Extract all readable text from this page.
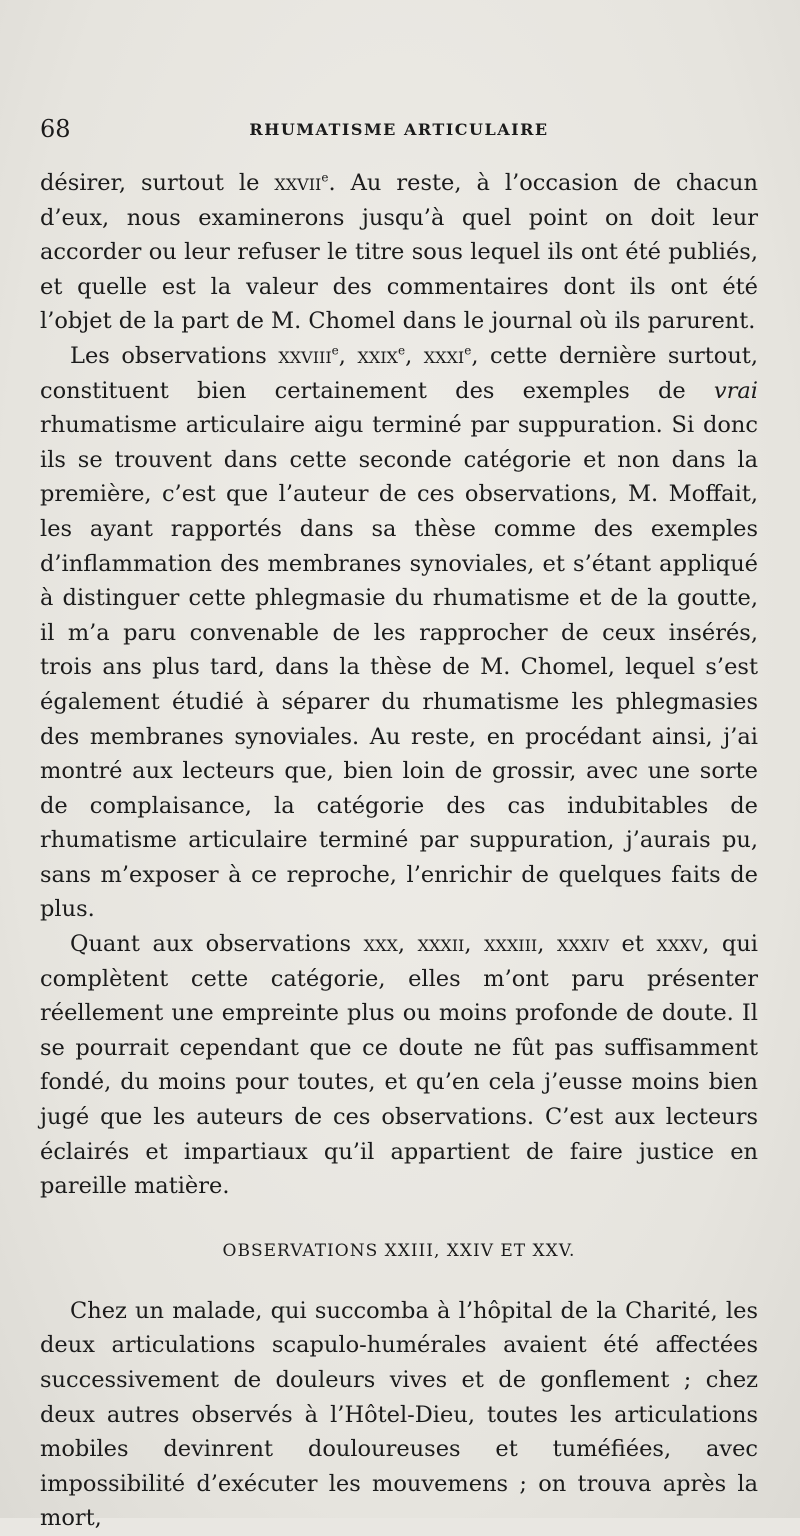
68	RHUMATISME ARTICULAIRE

désirer, surtout le xxvii$^e$. Au reste, à l’occasion de chacun d’eux, nous examinerons jusqu’à quel point on doit leur accorder ou leur refuser le titre sous lequel ils ont été publiés, et quelle est la valeur des commentaires dont ils ont été l’objet de la part de M. Chomel dans le journal où ils parurent.

Les observations xxviii$^e$, xxix$^e$, xxxi$^e$, cette dernière surtout, constituent bien certainement des exemples de vrai rhumatisme articulaire aigu terminé par suppuration. Si donc ils se trouvent dans cette seconde catégorie et non dans la première, c’est que l’auteur de ces observations, M. Moffait, les ayant rapportés dans sa thèse comme des exemples d’inflammation des membranes synoviales, et s’étant appliqué à distinguer cette phlegmasie du rhumatisme et de la goutte, il m’a paru convenable de les rapprocher de ceux insérés, trois ans plus tard, dans la thèse de M. Chomel, lequel s’est également étudié à séparer du rhumatisme les phlegmasies des membranes synoviales. Au reste, en procédant ainsi, j’ai montré aux lecteurs que, bien loin de grossir, avec une sorte de complaisance, la catégorie des cas indubitables de rhumatisme articulaire terminé par suppuration, j’aurais pu, sans m’exposer à ce reproche, l’enrichir de quelques faits de plus.

Quant aux observations xxx, xxxii, xxxiii, xxxiv et xxxv, qui complètent cette catégorie, elles m’ont paru présenter réellement une empreinte plus ou moins profonde de doute. Il se pourrait cependant que ce doute ne fût pas suffisamment fondé, du moins pour toutes, et qu’en cela j’eusse moins bien jugé que les auteurs de ces observations. C’est aux lecteurs éclairés et impartiaux qu’il appartient de faire justice en pareille matière.

OBSERVATIONS XXIII, XXIV ET XXV.

Chez un malade, qui succomba à l’hôpital de la Charité, les deux articulations scapulo-humérales avaient été affectées successivement de douleurs vives et de gonflement ; chez deux autres observés à l’Hôtel-Dieu, toutes les articulations mobiles devinrent douloureuses et tuméfiées, avec impossibilité d’exécuter les mouvemens ; on trouva après la mort,
